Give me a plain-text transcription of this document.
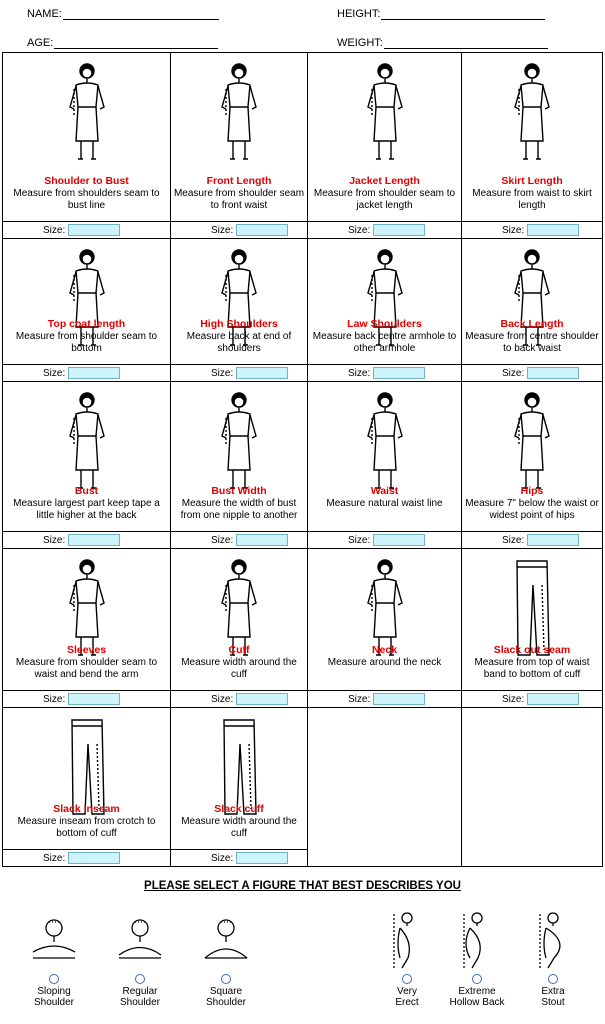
NAME:	HEIGHT:
AGE:	WEIGHT:
Shoulder to Bust
Measure from shoulders seam to bust line
Size:
Front Length
Measure from shoulder seam to front waist
Size:
Jacket Length
Measure from shoulder seam to jacket length
Size:
Skirt Length
Measure from waist to skirt length
Size:
Top coat length
Measure from shoulder seam to bottom
Size:
High Shoulders
Measure back at end of shoulders
Size:
Law Shoulders
Measure back centre armhole to other armhole
Size:
Back Length
Measure from centre shoulder to back waist
Size:
Bust
Measure largest part keep tape a little higher at the back
Size:
Bust Width
Measure the width of bust from one nipple to another
Size:
Waist
Measure natural waist line
Size:
Hips
Measure 7" below the waist or widest point of hips
Size:
Sleeves
Measure from shoulder seam to waist and bend the arm
Size:
Cuff
Measure width around the cuff
Size:
Neck
Measure around the neck
Size:
Slack out seam
Measure from top of waist band to bottom of cuff
Size:
Slack inseam
Measure inseam from crotch to bottom of cuff
Size:
Slack cuff
Measure width around the cuff
Size:
PLEASE SELECT A FIGURE THAT BEST DESCRIBES YOU
Sloping
Shoulder
Regular
Shoulder
Square
Shoulder
Very
Erect
Extreme
Hollow Back
Extra
Stout
